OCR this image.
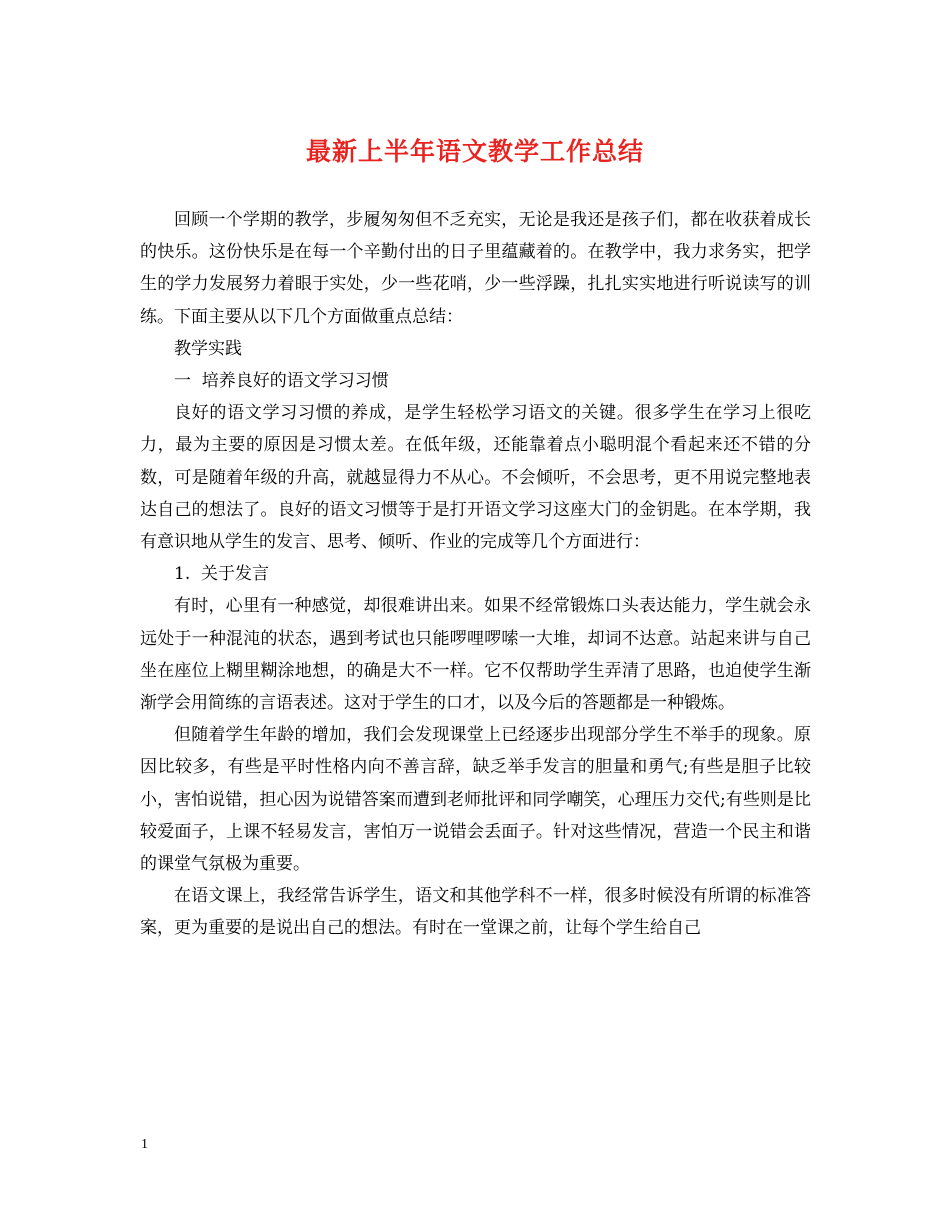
最新上半年语文教学工作总结

回顾一个学期的教学，步履匆匆但不乏充实，无论是我还是孩子们，都在收获着成长的快乐。这份快乐是在每一个辛勤付出的日子里蕴藏着的。在教学中，我力求务实，把学生的学力发展努力着眼于实处，少一些花哨，少一些浮躁，扎扎实实地进行听说读写的训练。下面主要从以下几个方面做重点总结：

教学实践

一  培养良好的语文学习习惯

良好的语文学习习惯的养成，是学生轻松学习语文的关键。很多学生在学习上很吃力，最为主要的原因是习惯太差。在低年级，还能靠着点小聪明混个看起来还不错的分数，可是随着年级的升高，就越显得力不从心。不会倾听，不会思考，更不用说完整地表达自己的想法了。良好的语文习惯等于是打开语文学习这座大门的金钥匙。在本学期，我有意识地从学生的发言、思考、倾听、作业的完成等几个方面进行：

1.  关于发言

有时，心里有一种感觉，却很难讲出来。如果不经常锻炼口头表达能力，学生就会永远处于一种混沌的状态，遇到考试也只能啰哩啰嗦一大堆，却词不达意。站起来讲与自己坐在座位上糊里糊涂地想，的确是大不一样。它不仅帮助学生弄清了思路，也迫使学生渐渐学会用简练的言语表述。这对于学生的口才，以及今后的答题都是一种锻炼。

但随着学生年龄的增加，我们会发现课堂上已经逐步出现部分学生不举手的现象。原因比较多，有些是平时性格内向不善言辞，缺乏举手发言的胆量和勇气;有些是胆子比较小，害怕说错，担心因为说错答案而遭到老师批评和同学嘲笑，心理压力交代;有些则是比较爱面子，上课不轻易发言，害怕万一说错会丢面子。针对这些情况，营造一个民主和谐的课堂气氛极为重要。

在语文课上，我经常告诉学生，语文和其他学科不一样，很多时候没有所谓的标准答案，更为重要的是说出自己的想法。有时在一堂课之前，让每个学生给自己

1
